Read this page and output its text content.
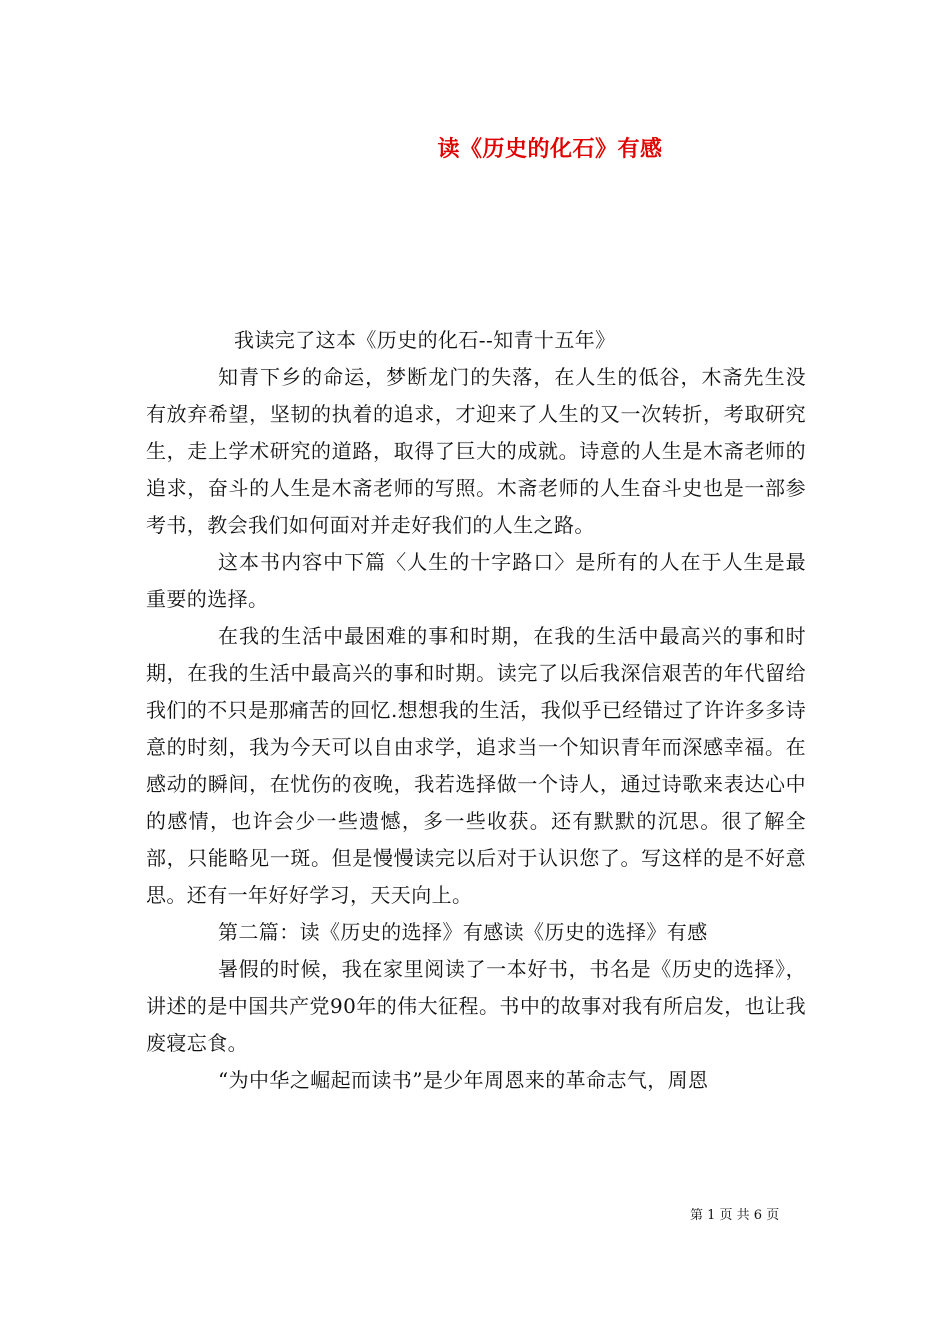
读《历史的化石》有感

我读完了这本《历史的化石--知青十五年》

知青下乡的命运，梦断龙门的失落，在人生的低谷，木斋先生没有放弃希望，坚韧的执着的追求，才迎来了人生的又一次转折，考取研究生，走上学术研究的道路，取得了巨大的成就。诗意的人生是木斋老师的追求，奋斗的人生是木斋老师的写照。木斋老师的人生奋斗史也是一部参考书，教会我们如何面对并走好我们的人生之路。

这本书内容中下篇〈人生的十字路口〉是所有的人在于人生是最重要的选择。

在我的生活中最困难的事和时期，在我的生活中最高兴的事和时期，在我的生活中最高兴的事和时期。读完了以后我深信艰苦的年代留给我们的不只是那痛苦的回忆.想想我的生活，我似乎已经错过了许许多多诗意的时刻，我为今天可以自由求学，追求当一个知识青年而深感幸福。在感动的瞬间，在忧伤的夜晚，我若选择做一个诗人，通过诗歌来表达心中的感情，也许会少一些遗憾，多一些收获。还有默默的沉思。很了解全部，只能略见一斑。但是慢慢读完以后对于认识您了。写这样的是不好意思。还有一年好好学习，天天向上。

第二篇：读《历史的选择》有感读《历史的选择》有感

暑假的时候，我在家里阅读了一本好书，书名是《历史的选择》，讲述的是中国共产党90年的伟大征程。书中的故事对我有所启发，也让我废寝忘食。

“为中华之崛起而读书”是少年周恩来的革命志气，周恩

第 1 页 共 6 页
